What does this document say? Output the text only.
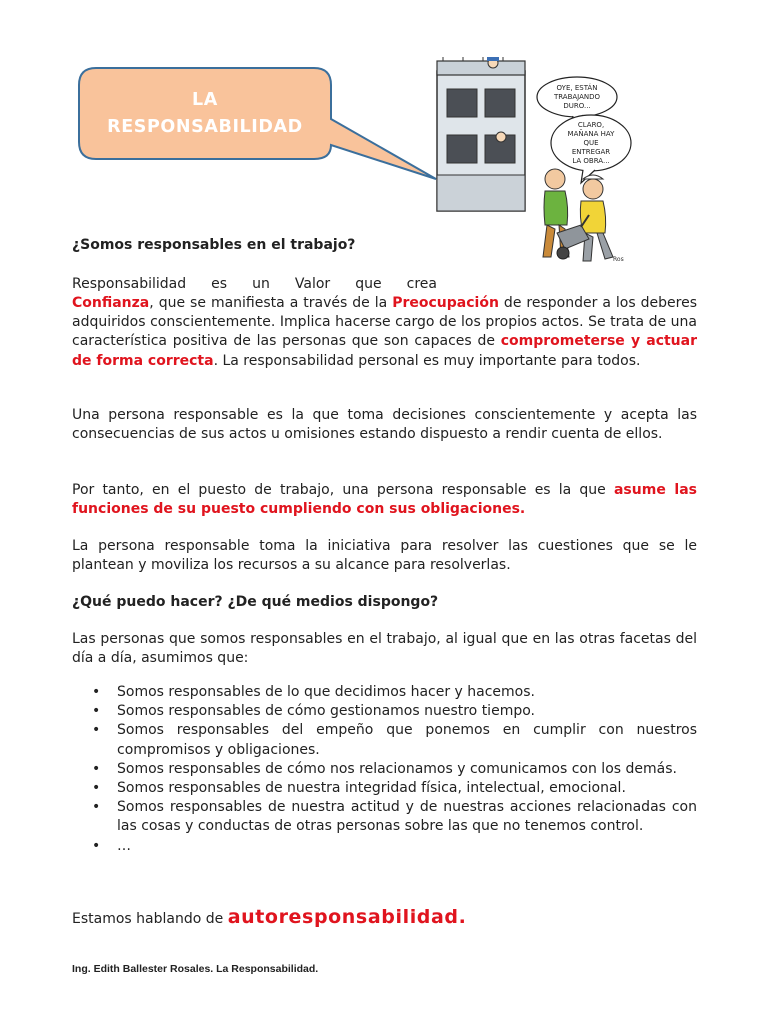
LA
RESPONSABILIDAD
OYE, ESTÁN
TRABAJANDO
DURO...
CLARO,
MAÑANA HAY
QUE
ENTREGAR
LA OBRA...
Ros
¿Somos responsables en el trabajo?
Responsabilidad es un Valor que crea
Confianza, que se manifiesta a través de la Preocupación de responder a los deberes adquiridos conscientemente. Implica hacerse cargo de los propios actos. Se trata de una característica positiva de las personas que son capaces de comprometerse y actuar de forma correcta. La responsabilidad personal es muy importante para todos.
Una persona responsable es la que toma decisiones conscientemente y acepta las consecuencias de sus actos u omisiones estando dispuesto a rendir cuenta de ellos.
Por tanto, en el puesto de trabajo, una persona responsable es la que asume las funciones de su puesto cumpliendo con sus obligaciones.
La persona responsable toma la iniciativa para resolver las cuestiones que se le plantean y moviliza los recursos a su alcance para resolverlas.
¿Qué puedo hacer? ¿De qué medios dispongo?
Las personas que somos responsables en el trabajo, al igual que en las otras facetas del día a día, asumimos que:
• Somos responsables de lo que decidimos hacer y hacemos.
• Somos responsables de cómo gestionamos nuestro tiempo.
• Somos responsables del empeño que ponemos en cumplir con nuestros compromisos y obligaciones.
• Somos responsables de cómo nos relacionamos y comunicamos con los demás.
• Somos responsables de nuestra integridad física, intelectual, emocional.
• Somos responsables de nuestra actitud y de nuestras acciones relacionadas con las cosas y conductas de otras personas sobre las que no tenemos control.
• …
Estamos hablando de autoresponsabilidad.
Ing. Edith Ballester Rosales. La Responsabilidad.
